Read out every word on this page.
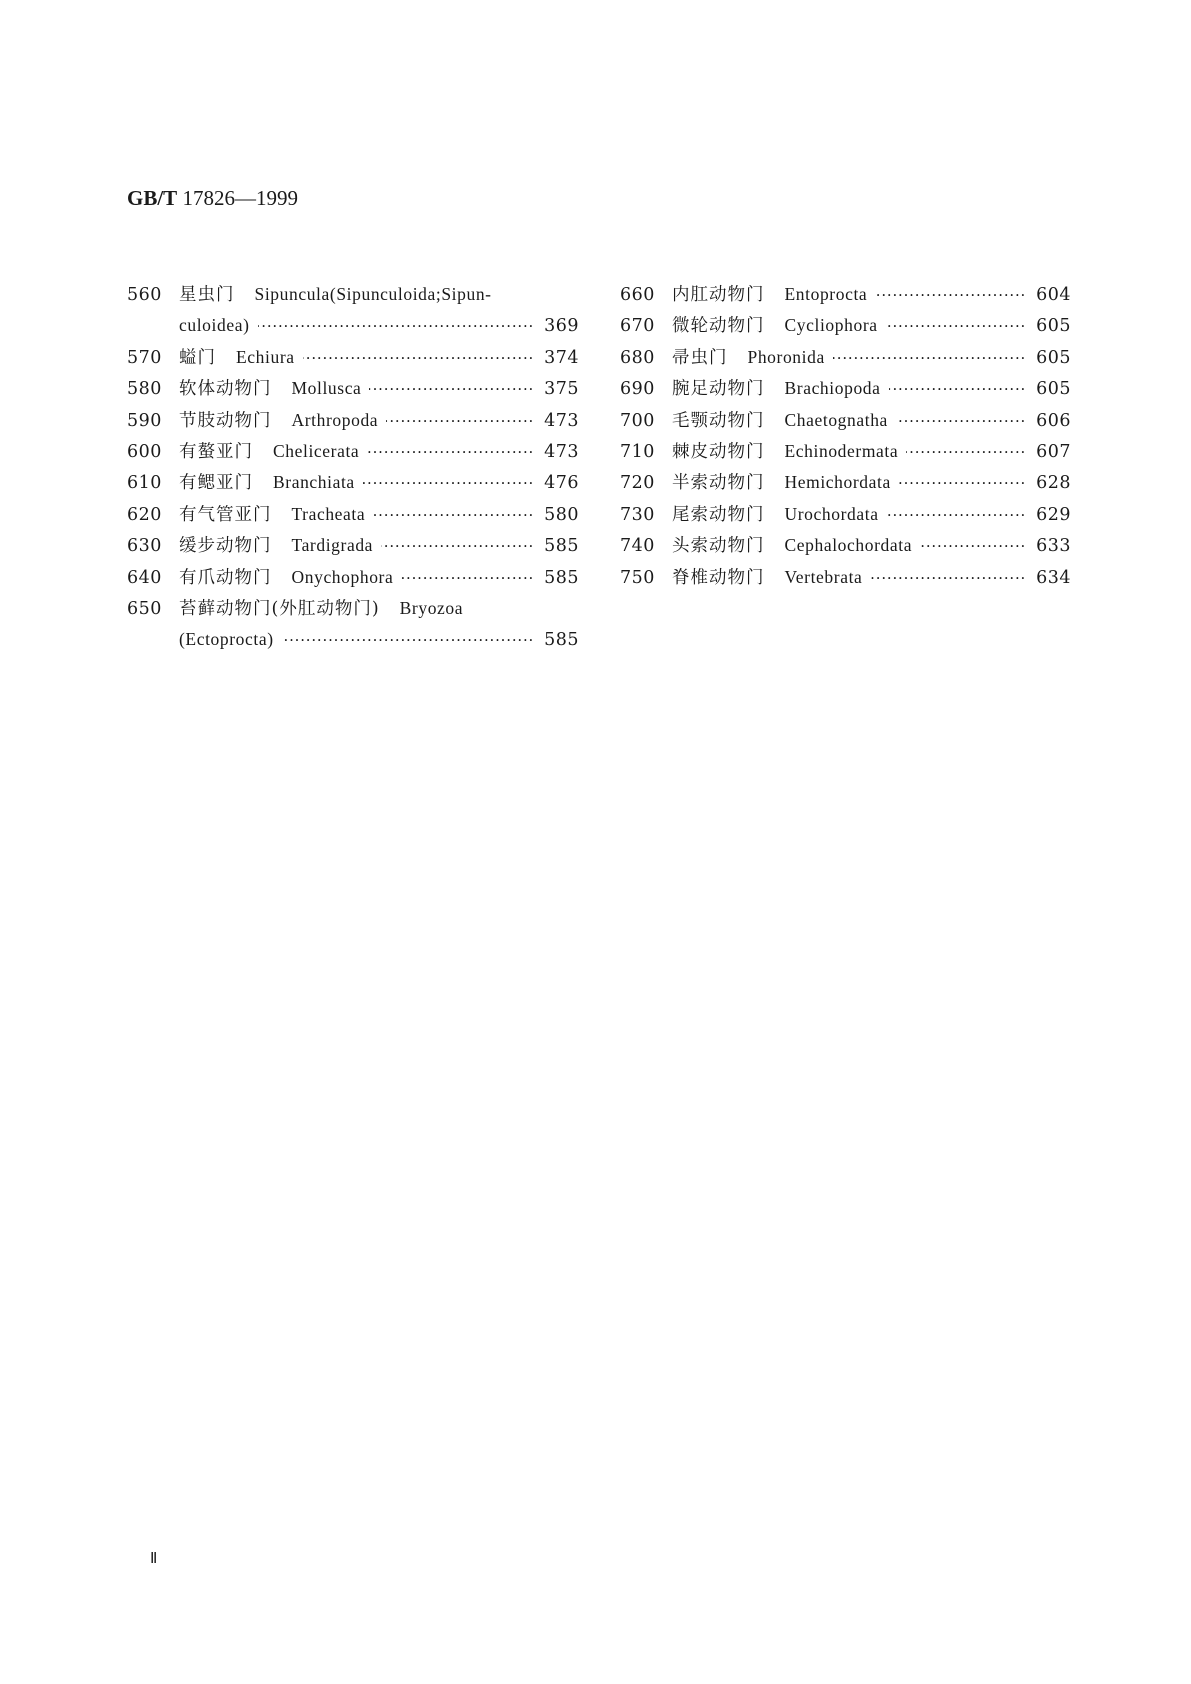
GB/T 17826—1999
560 星虫门	Sipuncula(Sipunculoida;Sipun-
culoidea) ·····	369
570 螠门	Echiura ·····	374
580 软体动物门	Mollusca ·····	375
590 节肢动物门	Arthropoda ·····	473
600 有螯亚门	Chelicerata ·····	473
610 有鳃亚门	Branchiata ·····	476
620 有气管亚门	Tracheata ·····	580
630 缓步动物门	Tardigrada ·····	585
640 有爪动物门	Onychophora ·····	585
650 苔藓动物门(外肛动物门)	Bryozoa
(Ectoprocta) ·····	585
660 内肛动物门	Entoprocta ·····	604
670 微轮动物门	Cycliophora ·····	605
680 帚虫门	Phoronida ·····	605
690 腕足动物门	Brachiopoda ·····	605
700 毛颚动物门	Chaetognatha ·····	606
710 棘皮动物门	Echinodermata ·····	607
720 半索动物门	Hemichordata ·····	628
730 尾索动物门	Urochordata ·····	629
740 头索动物门	Cephalochordata ·····	633
750 脊椎动物门	Vertebrata ·····	634
Ⅱ
